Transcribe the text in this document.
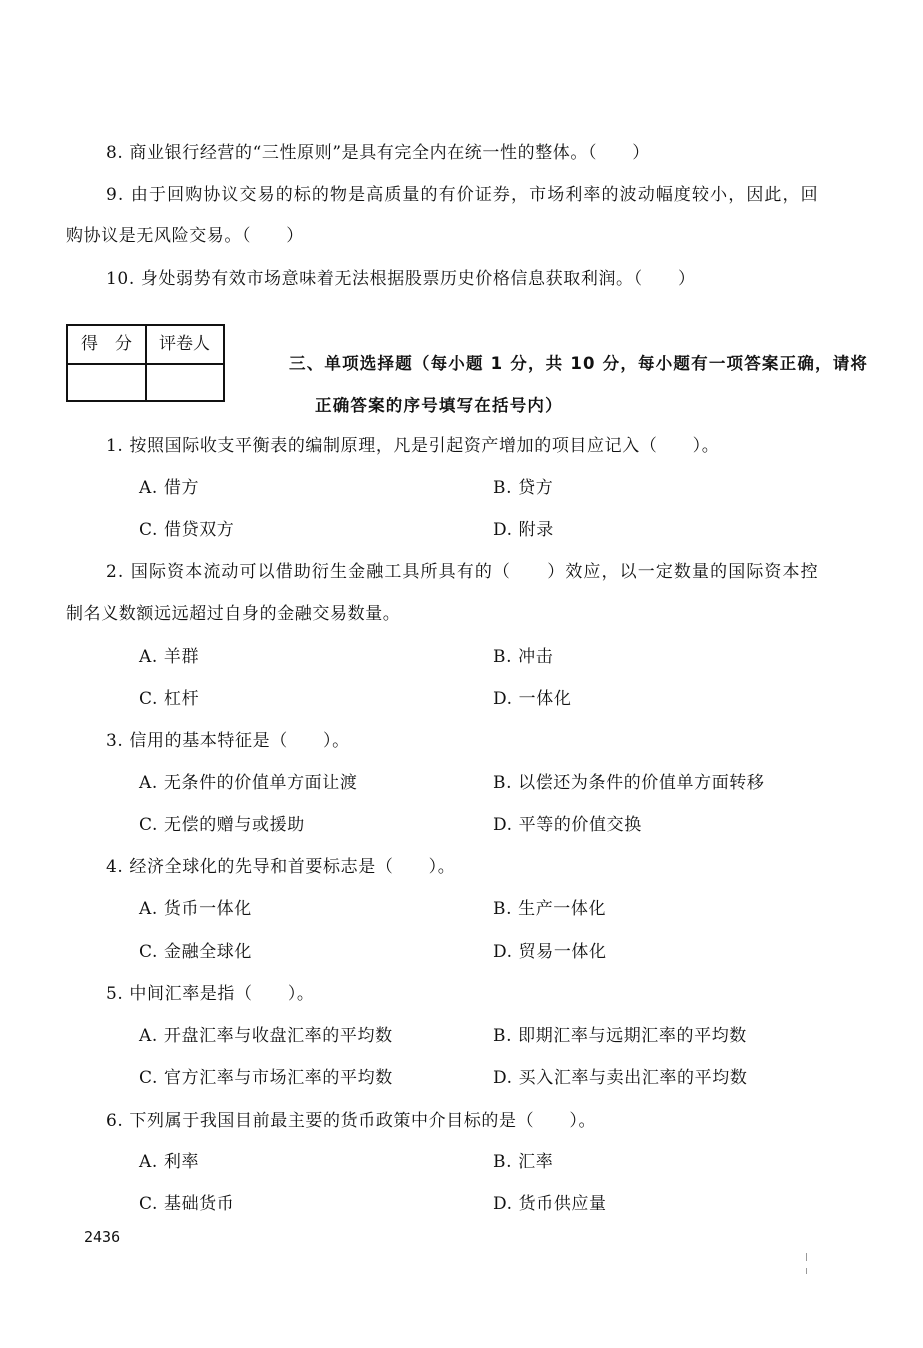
8. 商业银行经营的“三性原则”是具有完全内在统一性的整体。（　　）
9. 由于回购协议交易的标的物是高质量的有价证券，市场利率的波动幅度较小，因此，回
购协议是无风险交易。（　　）
10. 身处弱势有效市场意味着无法根据股票历史价格信息获取利润。（　　）
得　分	评卷人
三、单项选择题（每小题 1 分，共 10 分，每小题有一项答案正确，请将
正确答案的序号填写在括号内）
1. 按照国际收支平衡表的编制原理，凡是引起资产增加的项目应记入（　　）。
A. 借方	B. 贷方
C. 借贷双方	D. 附录
2. 国际资本流动可以借助衍生金融工具所具有的（　　）效应，以一定数量的国际资本控
制名义数额远远超过自身的金融交易数量。
A. 羊群	B. 冲击
C. 杠杆	D. 一体化
3. 信用的基本特征是（　　）。
A. 无条件的价值单方面让渡	B. 以偿还为条件的价值单方面转移
C. 无偿的赠与或援助	D. 平等的价值交换
4. 经济全球化的先导和首要标志是（　　）。
A. 货币一体化	B. 生产一体化
C. 金融全球化	D. 贸易一体化
5. 中间汇率是指（　　）。
A. 开盘汇率与收盘汇率的平均数	B. 即期汇率与远期汇率的平均数
C. 官方汇率与市场汇率的平均数	D. 买入汇率与卖出汇率的平均数
6. 下列属于我国目前最主要的货币政策中介目标的是（　　）。
A. 利率	B. 汇率
C. 基础货币	D. 货币供应量
2436
